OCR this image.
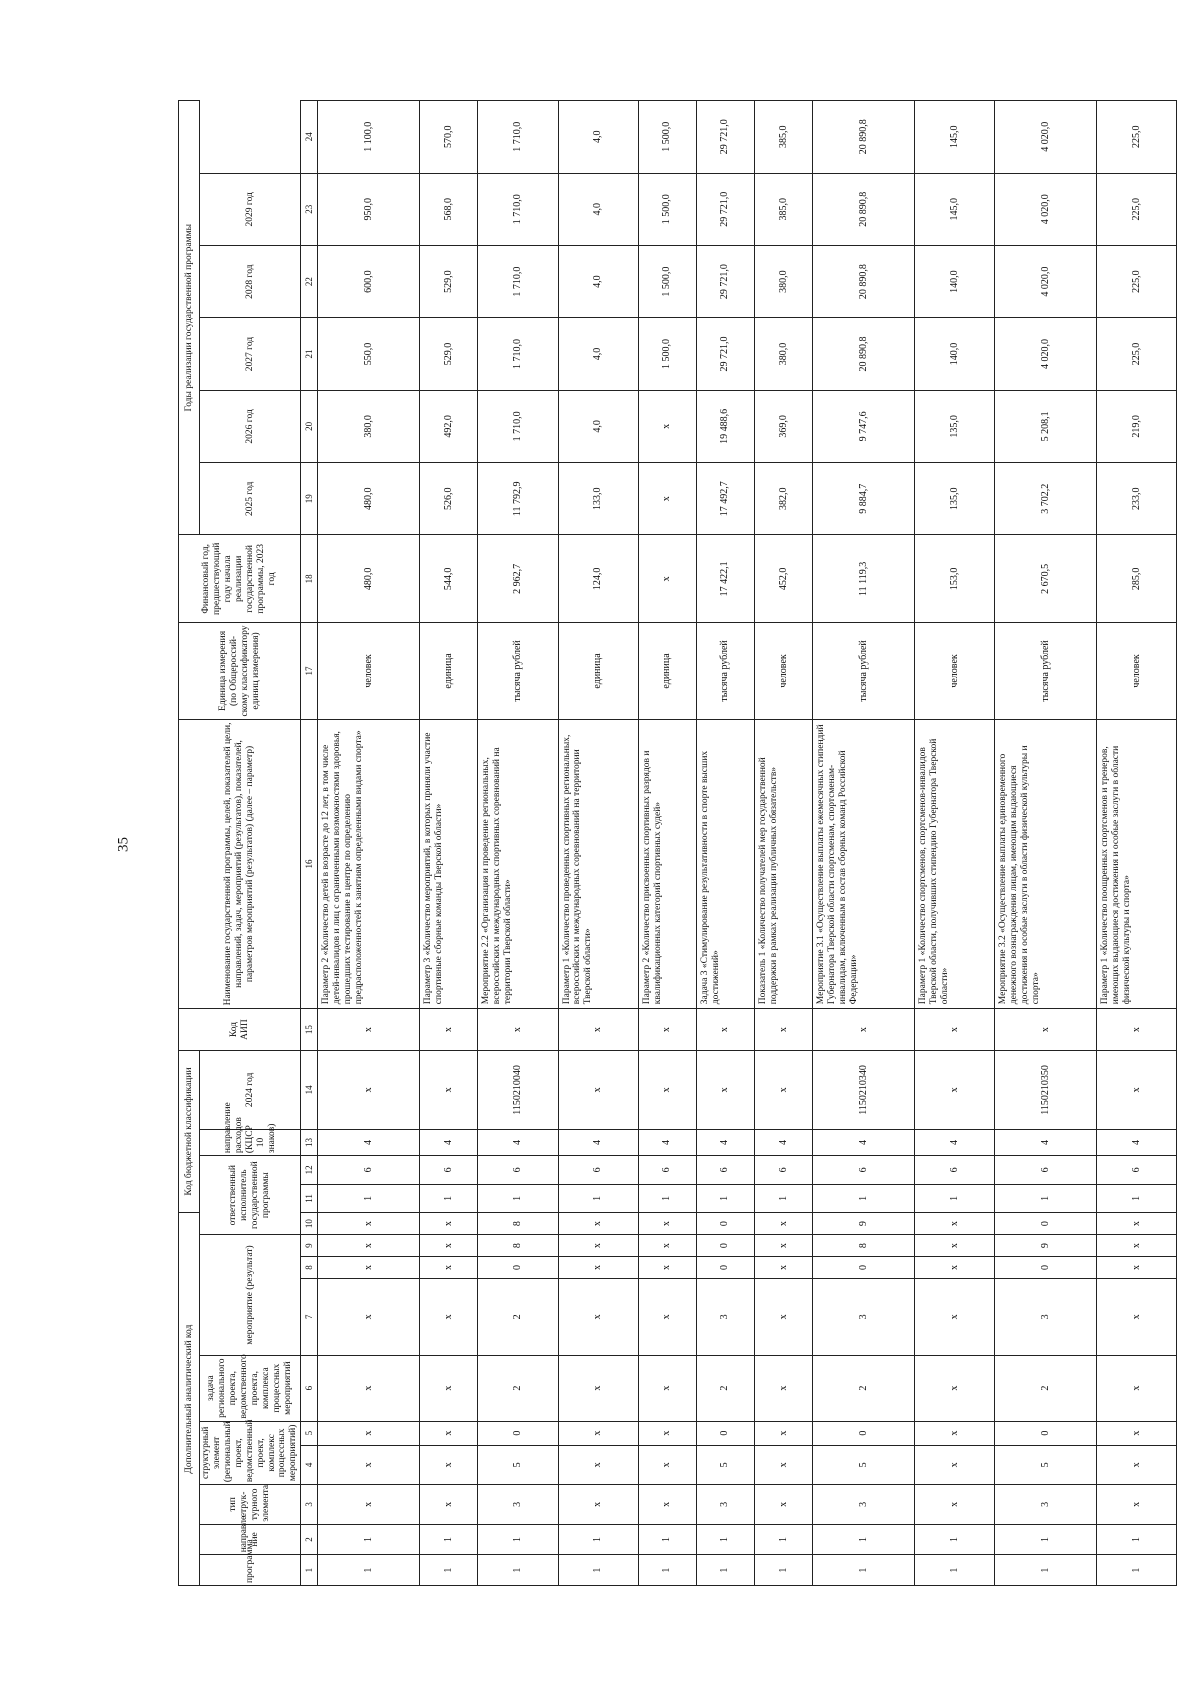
35
Дополнительный аналитический код										Код бюджетной классификации				Код АИП	Наименование государственной программы, целей, показателей цели, направлений, задач, мероприятий (результатов), показателей, параметров мероприятий (результатов) (далее – параметр)	Единица измерения (по Общероссий-скому классификатору единиц измерения)	Финансовый год, предшествующий году начала реализации государственной программы, 2023 год	Годы реализации государственной программы					
программа	направле-ние	тип струк-турного элемента	структурный элемент (региональный проект, ведомственный проект, комплекс процессных мероприятий)		задача регионального проекта, ведомственного проекта, комплекса процессных мероприятий	мероприятие (результат)			ответственный исполнитель государственной программы			направление расходов (КЦСР 10 знаков)	2024 год					2025 год	2026 год	2027 год	2028 год	2029 год	

1	2	3	4	5	6	7	8	9	10	11	12	13	14	15	16	17	18	19	20	21	22	23	24
1	1	x	x	x	x	x	x	x	x	1	6	4	x	x	Параметр 2 «Количество детей в возрасте до 12 лет, в том числе детей-инвалидов и лиц с ограниченными возможностями здоровья, прошедших тестирование в центре по определению предрасположенностей к занятиям определенными видами спорта»	человек	480,0	480,0	380,0	550,0	600,0	950,0	1 100,0
1	1	x	x	x	x	x	x	x	x	1	6	4	x	x	Параметр 3 «Количество мероприятий, в которых приняли участие спортивные сборные команды Тверской области»	единица	544,0	526,0	492,0	529,0	529,0	568,0	570,0
1	1	3	5	0	2	2	0	8	8	1	6	4	1150210040	x	Мероприятие 2.2 «Организация и проведение региональных, всероссийских и международных спортивных соревнований на территории Тверской области»	тысяча рублей	2 962,7	11 792,9	1 710,0	1 710,0	1 710,0	1 710,0	1 710,0
1	1	x	x	x	x	x	x	x	x	1	6	4	x	x	Параметр 1 «Количество проведенных спортивных региональных, всероссийских и международных соревнований на территории Тверской области»	единица	124,0	133,0	4,0	4,0	4,0	4,0	4,0
1	1	x	x	x	x	x	x	x	x	1	6	4	x	x	Параметр 2 «Количество присвоенных спортивных разрядов и квалификационных категорий спортивных судей»	единица	x	x	x	1 500,0	1 500,0	1 500,0	1 500,0
1	1	3	5	0	2	3	0	0	0	1	6	4	x	x	Задача 3 «Стимулирование результативности в спорте высших достижений»	тысяча рублей	17 422,1	17 492,7	19 488,6	29 721,0	29 721,0	29 721,0	29 721,0
1	1	x	x	x	x	x	x	x	x	1	6	4	x	x	Показатель 1 «Количество получателей мер государственной поддержки в рамках реализации публичных обязательств»	человек	452,0	382,0	369,0	380,0	380,0	385,0	385,0
1	1	3	5	0	2	3	0	8	9	1	6	4	1150210340	x	Мероприятие 3.1 «Осуществление выплаты ежемесячных стипендий Губернатора Тверской области спортсменам, спортсменам-инвалидам, включенным в состав сборных команд Российской Федерации»	тысяча рублей	11 119,3	9 884,7	9 747,6	20 890,8	20 890,8	20 890,8	20 890,8
1	1	x	x	x	x	x	x	x	x	1	6	4	x	x	Параметр 1 «Количество спортсменов, спортсменов-инвалидов Тверской области, получивших стипендию Губернатора Тверской области»	человек	153,0	135,0	135,0	140,0	140,0	145,0	145,0
1	1	3	5	0	2	3	0	9	0	1	6	4	1150210350	x	Мероприятие 3.2 «Осуществление выплаты единовременного денежного вознаграждения лицам, имеющим выдающиеся достижения и особые заслуги в области физической культуры и спорта»	тысяча рублей	2 670,5	3 702,2	5 208,1	4 020,0	4 020,0	4 020,0	4 020,0
1	1	x	x	x	x	x	x	x	x	1	6	4	x	x	Параметр 1 «Количество поощренных спортсменов и тренеров, имеющих выдающиеся достижения и особые заслуги в области физической культуры и спорта»	человек	285,0	233,0	219,0	225,0	225,0	225,0	225,0
